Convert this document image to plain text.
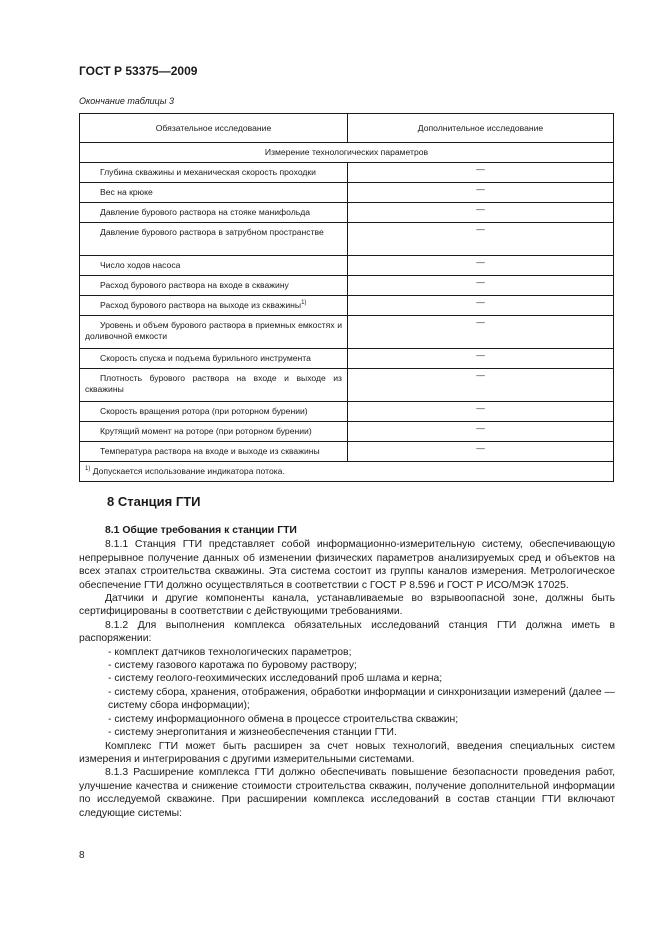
ГОСТ Р 53375—2009
Окончание таблицы 3
Обязательное исследование	Дополнительное исследование
Измерение технологических параметров	
Глубина скважины и механическая скорость проходки	—
Вес на крюке	—
Давление бурового раствора на стояке манифольда	—
Давление бурового раствора в затрубном пространстве	—
Число ходов насоса	—
Расход бурового раствора на входе в скважину	—
Расход бурового раствора на выходе из скважины$^{1)}$	—
Уровень и объем бурового раствора в приемных емкостях и доливочной емкости	—
Скорость спуска и подъема бурильного инструмента	—
Плотность бурового раствора на входе и выходе из скважины	—
Скорость вращения ротора (при роторном бурении)	—
Крутящий момент на роторе (при роторном бурении)	—
Температура раствора на входе и выходе из скважины	—
$^{1)}$ Допускается использование индикатора потока.	
8 Станция ГТИ

8.1 Общие требования к станции ГТИ

8.1.1 Станция ГТИ представляет собой информационно-измерительную систему, обеспечивающую непрерывное получение данных об изменении физических параметров анализируемых сред и объектов на всех этапах строительства скважины. Эта система состоит из группы каналов измерения. Метрологическое обеспечение ГТИ должно осуществляться в соответствии с ГОСТ Р 8.596 и ГОСТ Р ИСО/МЭК 17025.

Датчики и другие компоненты канала, устанавливаемые во взрывоопасной зоне, должны быть сертифицированы в соответствии с действующими требованиями.

8.1.2 Для выполнения комплекса обязательных исследований станция ГТИ должна иметь в распоряжении:

- комплект датчиков технологических параметров;
- систему газового каротажа по буровому раствору;
- систему геолого-геохимических исследований проб шлама и керна;
- систему сбора, хранения, отображения, обработки информации и синхронизации измерений (далее — систему сбора информации);
- систему информационного обмена в процессе строительства скважин;
- систему энергопитания и жизнеобеспечения станции ГТИ.

Комплекс ГТИ может быть расширен за счет новых технологий, введения специальных систем измерения и интегрирования с другими измерительными системами.

8.1.3 Расширение комплекса ГТИ должно обеспечивать повышение безопасности проведения работ, улучшение качества и снижение стоимости строительства скважин, получение дополнительной информации по исследуемой скважине. При расширении комплекса исследований в состав станции ГТИ включают следующие системы:

8
